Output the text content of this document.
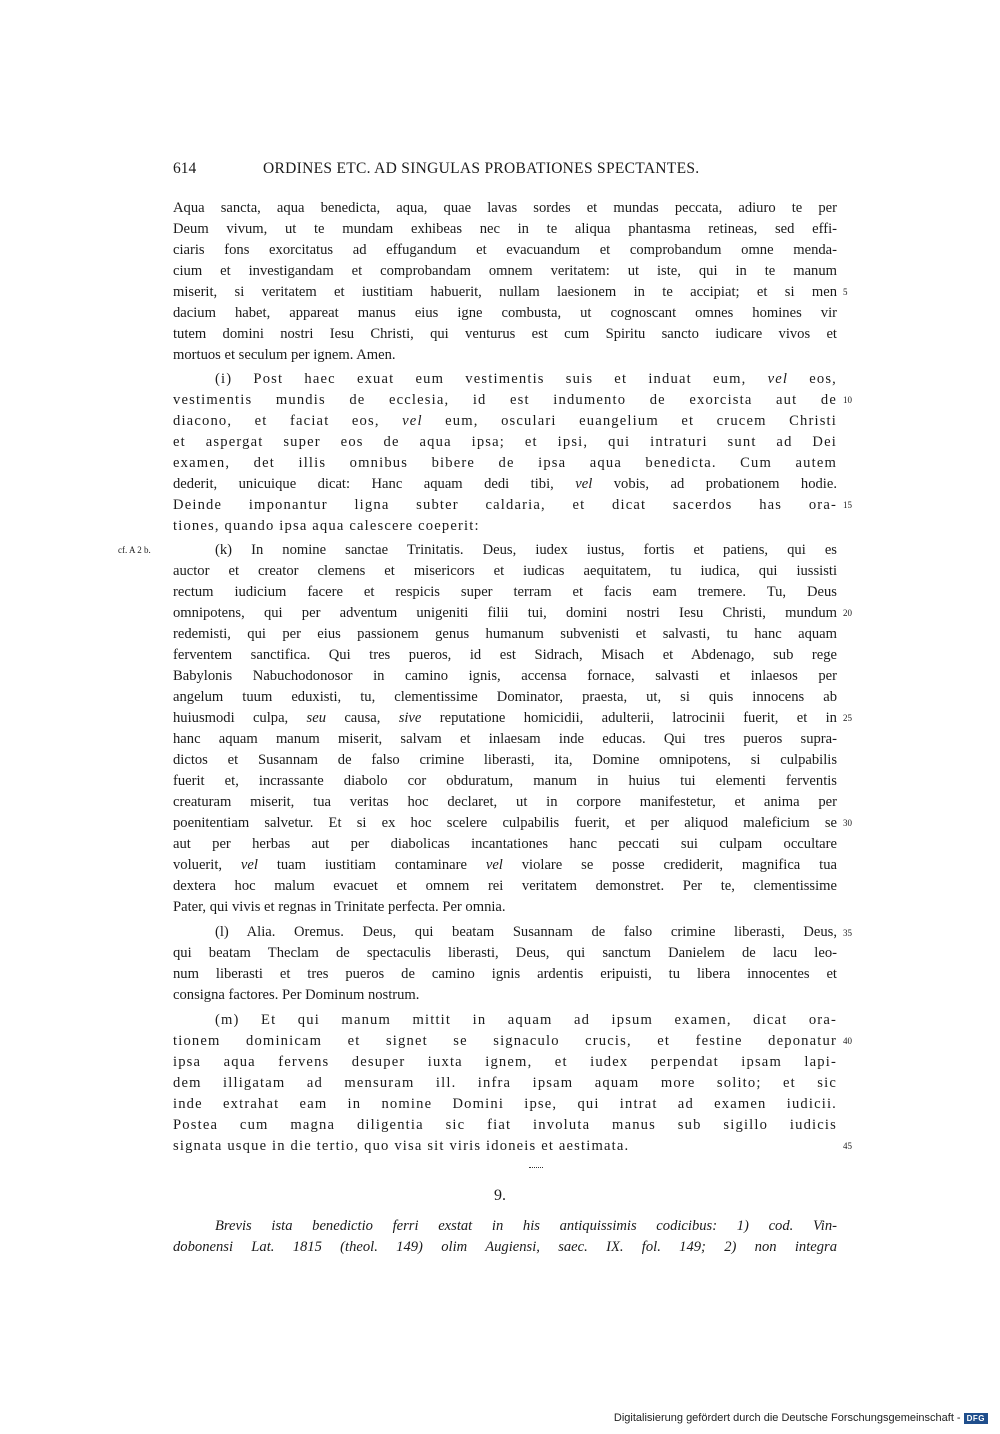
614	ORDINES ETC. AD SINGULAS PROBATIONES SPECTANTES.
Aqua sancta, aqua benedicta, aqua, quae lavas sordes et mundas peccata, adiuro te per
Deum vivum, ut te mundam exhibeas nec in te aliqua phantasma retineas, sed effi-
ciaris fons exorcitatus ad effugandum et evacuandum et comprobandum omne menda-
cium et investigandam et comprobandam omnem veritatem: ut iste, qui in te manum
miserit, si veritatem et iustitiam habuerit, nullam laesionem in te accipiat; et si men
dacium habet, appareat manus eius igne combusta, ut cognoscant omnes homines vir
tutem domini nostri Iesu Christi, qui venturus est cum Spiritu sancto iudicare vivos et
mortuos et seculum per ignem. Amen.
(i) Post haec exuat eum vestimentis suis et induat eum, vel eos,
vestimentis mundis de ecclesia, id est indumento de exorcista aut de
diacono, et faciat eos, vel eum, osculari euangelium et crucem Christi
et aspergat super eos de aqua ipsa; et ipsi, qui intraturi sunt ad Dei
examen, det illis omnibus bibere de ipsa aqua benedicta. Cum autem
dederit, unicuique dicat: Hanc aquam dedi tibi, vel vobis, ad probationem hodie.
Deinde imponantur ligna subter caldaria, et dicat sacerdos has ora-
tiones, quando ipsa aqua calescere coeperit:
(k) In nomine sanctae Trinitatis. Deus, iudex iustus, fortis et patiens, qui es
auctor et creator clemens et misericors et iudicas aequitatem, tu iudica, qui iussisti
rectum iudicium facere et respicis super terram et facis eam tremere. Tu, Deus
omnipotens, qui per adventum unigeniti filii tui, domini nostri Iesu Christi, mundum
redemisti, qui per eius passionem genus humanum subvenisti et salvasti, tu hanc aquam
ferventem sanctifica. Qui tres pueros, id est Sidrach, Misach et Abdenago, sub rege
Babylonis Nabuchodonosor in camino ignis, accensa fornace, salvasti et inlaesos per
angelum tuum eduxisti, tu, clementissime Dominator, praesta, ut, si quis innocens ab
huiusmodi culpa, seu causa, sive reputatione homicidii, adulterii, latrocinii fuerit, et in
hanc aquam manum miserit, salvam et inlaesam inde educas. Qui tres pueros supra-
dictos et Susannam de falso crimine liberasti, ita, Domine omnipotens, si culpabilis
fuerit et, incrassante diabolo cor obduratum, manum in huius tui elementi ferventis
creaturam miserit, tua veritas hoc declaret, ut in corpore manifestetur, et anima per
poenitentiam salvetur. Et si ex hoc scelere culpabilis fuerit, et per aliquod maleficium se
aut per herbas aut per diabolicas incantationes hanc peccati sui culpam occultare
voluerit, vel tuam iustitiam contaminare vel violare se posse crediderit, magnifica tua
dextera hoc malum evacuet et omnem rei veritatem demonstret. Per te, clementissime
Pater, qui vivis et regnas in Trinitate perfecta. Per omnia.
(l) Alia. Oremus. Deus, qui beatam Susannam de falso crimine liberasti, Deus,
qui beatam Theclam de spectaculis liberasti, Deus, qui sanctum Danielem de lacu leo-
num liberasti et tres pueros de camino ignis ardentis eripuisti, tu libera innocentes et
consigna factores. Per Dominum nostrum.
(m) Et qui manum mittit in aquam ad ipsum examen, dicat ora-
tionem dominicam et signet se signaculo crucis, et festine deponatur
ipsa aqua fervens desuper iuxta ignem, et iudex perpendat ipsam lapi-
dem illigatam ad mensuram ill. infra ipsam aquam more solito; et sic
inde extrahat eam in nomine Domini ipse, qui intrat ad examen iudicii.
Postea cum magna diligentia sic fiat involuta manus sub sigillo iudicis
signata usque in die tertio, quo visa sit viris idoneis et aestimata.
9.
Brevis ista benedictio ferri exstat in his antiquissimis codicibus: 1) cod. Vin-
dobonensi Lat. 1815 (theol. 149) olim Augiensi, saec. IX. fol. 149; 2) non integra
5
10
15
20
25
30
35
40
45
cf. A 2 b.
Digitalisierung gefördert durch die Deutsche Forschungsgemeinschaft - DFG
